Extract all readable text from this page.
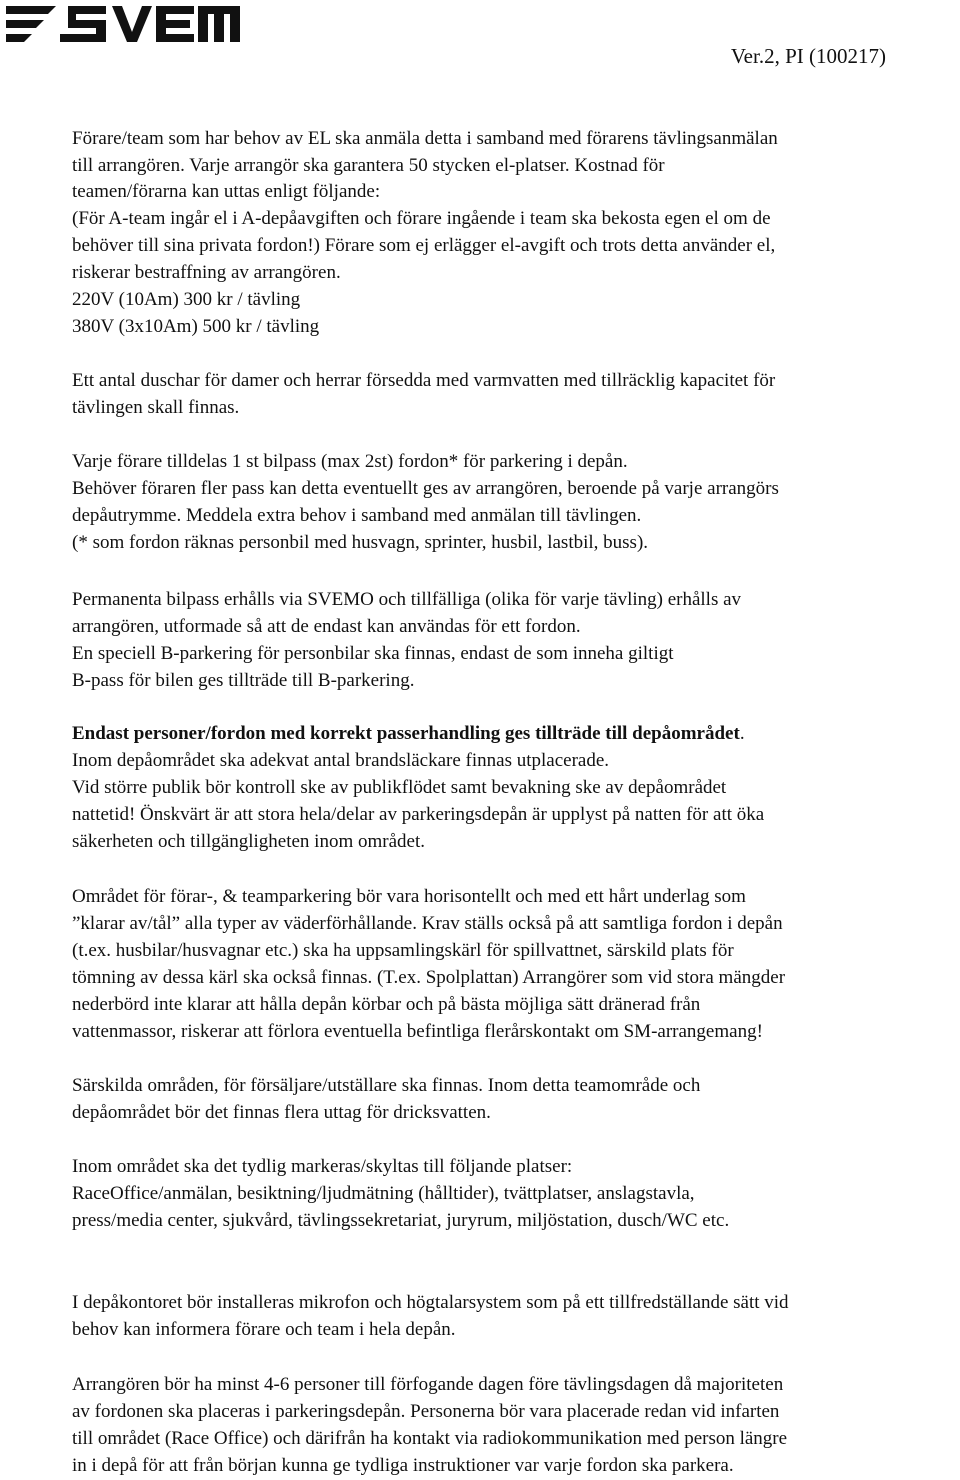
SVEMO
Ver.2, PI (100217)
Förare/team som har behov av EL ska anmäla detta i samband med förarens tävlingsanmälan
till arrangören. Varje arrangör ska garantera 50 stycken el-platser. Kostnad för
teamen/förarna kan uttas enligt följande:
(För A-team ingår el i A-depåavgiften och förare ingående i team ska bekosta egen el om de
behöver till sina privata fordon!) Förare som ej erlägger el-avgift och trots detta använder el,
riskerar bestraffning av arrangören.
220V (10Am) 300 kr / tävling
380V (3x10Am) 500 kr / tävling
Ett antal duschar för damer och herrar försedda med varmvatten med tillräcklig kapacitet för
tävlingen skall finnas.
Varje förare tilldelas 1 st bilpass (max 2st) fordon* för parkering i depån.
Behöver föraren fler pass kan detta eventuellt ges av arrangören, beroende på varje arrangörs
depåutrymme. Meddela extra behov i samband med anmälan till tävlingen.
(* som fordon räknas personbil med husvagn, sprinter, husbil, lastbil, buss).
Permanenta bilpass erhålls via SVEMO och tillfälliga (olika för varje tävling) erhålls av
arrangören, utformade så att de endast kan användas för ett fordon.
En speciell B-parkering för personbilar ska finnas, endast de som inneha giltigt
B-pass för bilen ges tillträde till B-parkering.
Endast personer/fordon med korrekt passerhandling ges tillträde till depåområdet.
Inom depåområdet ska adekvat antal brandsläckare finnas utplacerade.
Vid större publik bör kontroll ske av publikflödet samt bevakning ske av depåområdet
nattetid! Önskvärt är att stora hela/delar av parkeringsdepån är upplyst på natten för att öka
säkerheten och tillgängligheten inom området.
Området för förar-, & teamparkering bör vara horisontellt och med ett hårt underlag som
”klarar av/tål” alla typer av väderförhållande. Krav ställs också på att samtliga fordon i depån
(t.ex. husbilar/husvagnar etc.) ska ha uppsamlingskärl för spillvattnet, särskild plats för
tömning av dessa kärl ska också finnas. (T.ex. Spolplattan) Arrangörer som vid stora mängder
nederbörd inte klarar att hålla depån körbar och på bästa möjliga sätt dränerad från
vattenmassor, riskerar att förlora eventuella befintliga flerårskontakt om SM-arrangemang!
Särskilda områden, för försäljare/utställare ska finnas. Inom detta teamområde och
depåområdet bör det finnas flera uttag för dricksvatten.
Inom området ska det tydlig markeras/skyltas till följande platser:
RaceOffice/anmälan, besiktning/ljudmätning (hålltider), tvättplatser, anslagstavla,
press/media center, sjukvård, tävlingssekretariat, juryrum, miljöstation, dusch/WC etc.
I depåkontoret bör installeras mikrofon och högtalarsystem som på ett tillfredställande sätt vid
behov kan informera förare och team i hela depån.
Arrangören bör ha minst 4-6 personer till förfogande dagen före tävlingsdagen då majoriteten
av fordonen ska placeras i parkeringsdepån. Personerna bör vara placerade redan vid infarten
till området (Race Office) och därifrån ha kontakt via radiokommunikation med person längre
in i depå för att från början kunna ge tydliga instruktioner var varje fordon ska parkera.
